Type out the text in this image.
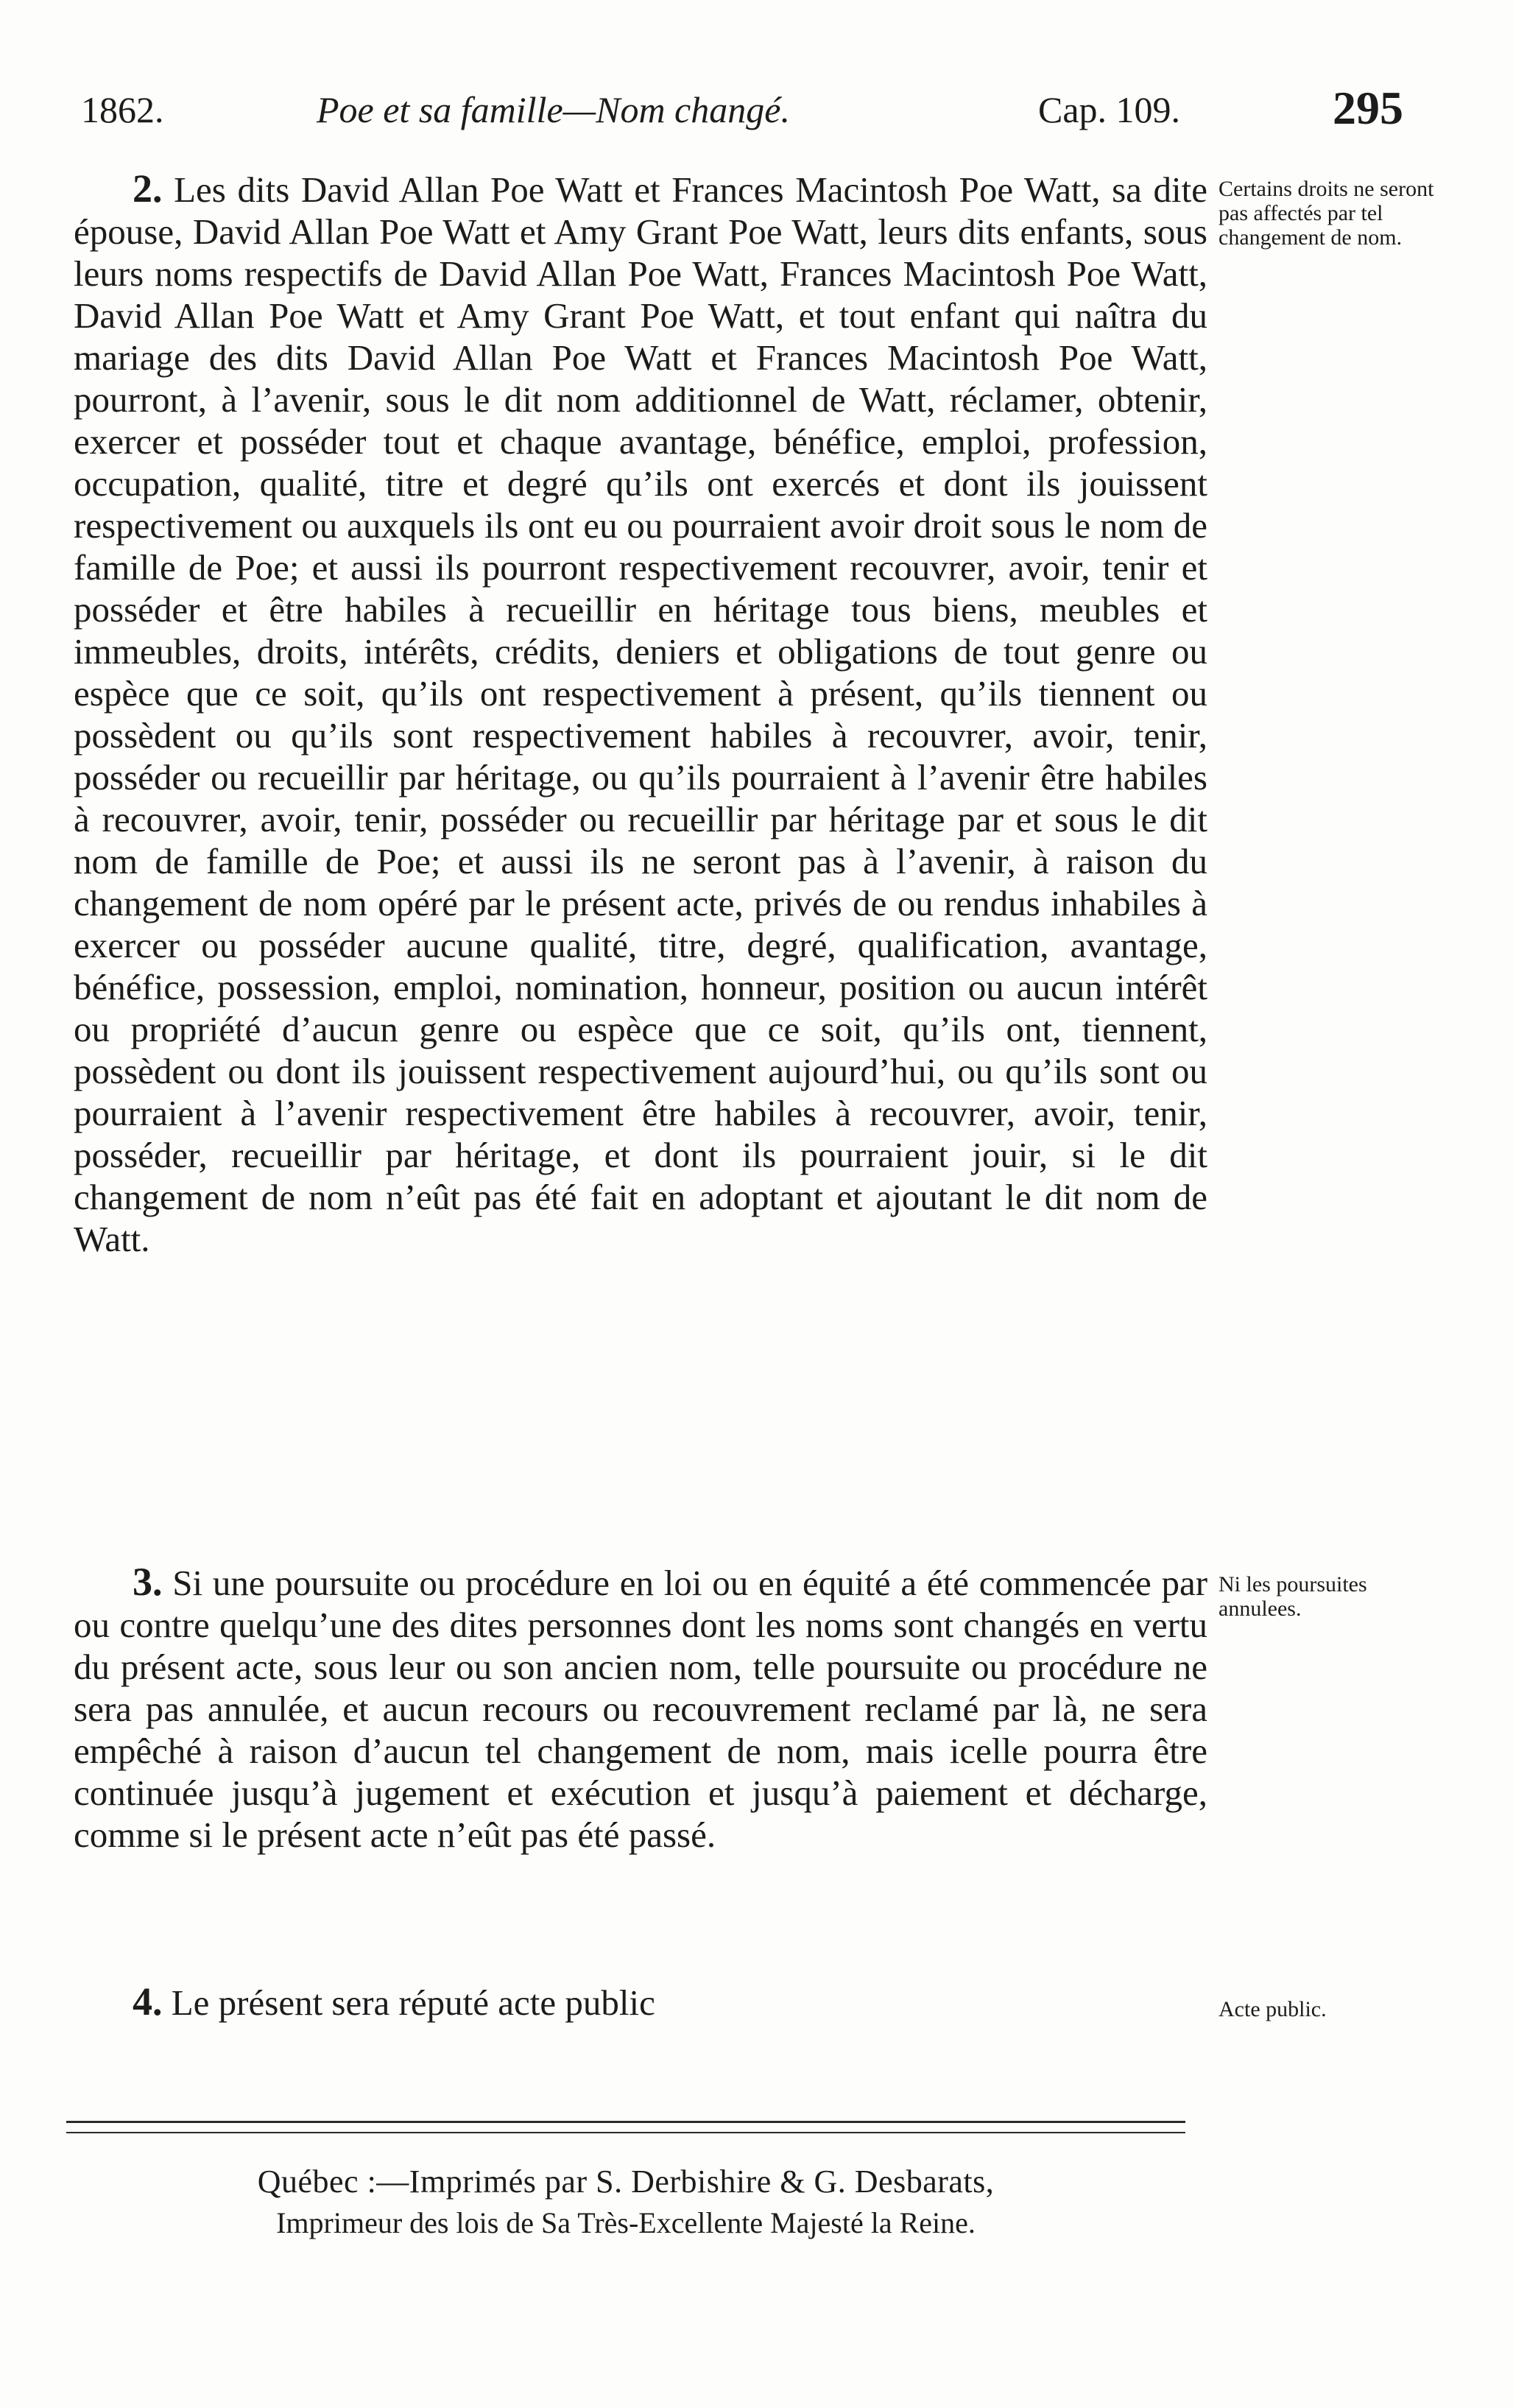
1862.	Poe et sa famille—Nom changé.	Cap. 109.	295
2. Les dits David Allan Poe Watt et Frances Macintosh Poe Watt, sa dite épouse, David Allan Poe Watt et Amy Grant Poe Watt, leurs dits enfants, sous leurs noms respectifs de David Allan Poe Watt, Frances Macintosh Poe Watt, David Allan Poe Watt et Amy Grant Poe Watt, et tout enfant qui naîtra du mariage des dits David Allan Poe Watt et Frances Macintosh Poe Watt, pourront, à l’avenir, sous le dit nom additionnel de Watt, réclamer, obtenir, exercer et posséder tout et chaque avantage, bénéfice, emploi, profession, occupation, qualité, titre et degré qu’ils ont exercés et dont ils jouissent respectivement ou auxquels ils ont eu ou pourraient avoir droit sous le nom de famille de Poe; et aussi ils pourront respectivement recouvrer, avoir, tenir et posséder et être habiles à recueillir en héritage tous biens, meubles et immeubles, droits, intérêts, crédits, deniers et obligations de tout genre ou espèce que ce soit, qu’ils ont respectivement à présent, qu’ils tiennent ou possèdent ou qu’ils sont respectivement habiles à recouvrer, avoir, tenir, posséder ou recueillir par héritage, ou qu’ils pourraient à l’avenir être habiles à recouvrer, avoir, tenir, posséder ou recueillir par héritage par et sous le dit nom de famille de Poe; et aussi ils ne seront pas à l’avenir, à raison du changement de nom opéré par le présent acte, privés de ou rendus inhabiles à exercer ou posséder aucune qualité, titre, degré, qualification, avantage, bénéfice, possession, emploi, nomination, honneur, position ou aucun intérêt ou propriété d’aucun genre ou espèce que ce soit, qu’ils ont, tiennent, possèdent ou dont ils jouissent respectivement aujourd’hui, ou qu’ils sont ou pourraient à l’avenir respectivement être habiles à recouvrer, avoir, tenir, posséder, recueillir par héritage, et dont ils pourraient jouir, si le dit changement de nom n’eût pas été fait en adoptant et ajoutant le dit nom de Watt.
Certains droits ne seront pas affectés par tel changement de nom.
3. Si une poursuite ou procédure en loi ou en équité a été commencée par ou contre quelqu’une des dites personnes dont les noms sont changés en vertu du présent acte, sous leur ou son ancien nom, telle poursuite ou procédure ne sera pas annulée, et aucun recours ou recouvrement reclamé par là, ne sera empêché à raison d’aucun tel changement de nom, mais icelle pourra être continuée jusqu’à jugement et exécution et jusqu’à paiement et décharge, comme si le présent acte n’eût pas été passé.
Ni les poursuites annulees.
4. Le présent sera réputé acte public	Acte public.
Québec :—Imprimés par S. Derbishire & G. Desbarats,
Imprimeur des lois de Sa Très-Excellente Majesté la Reine.
